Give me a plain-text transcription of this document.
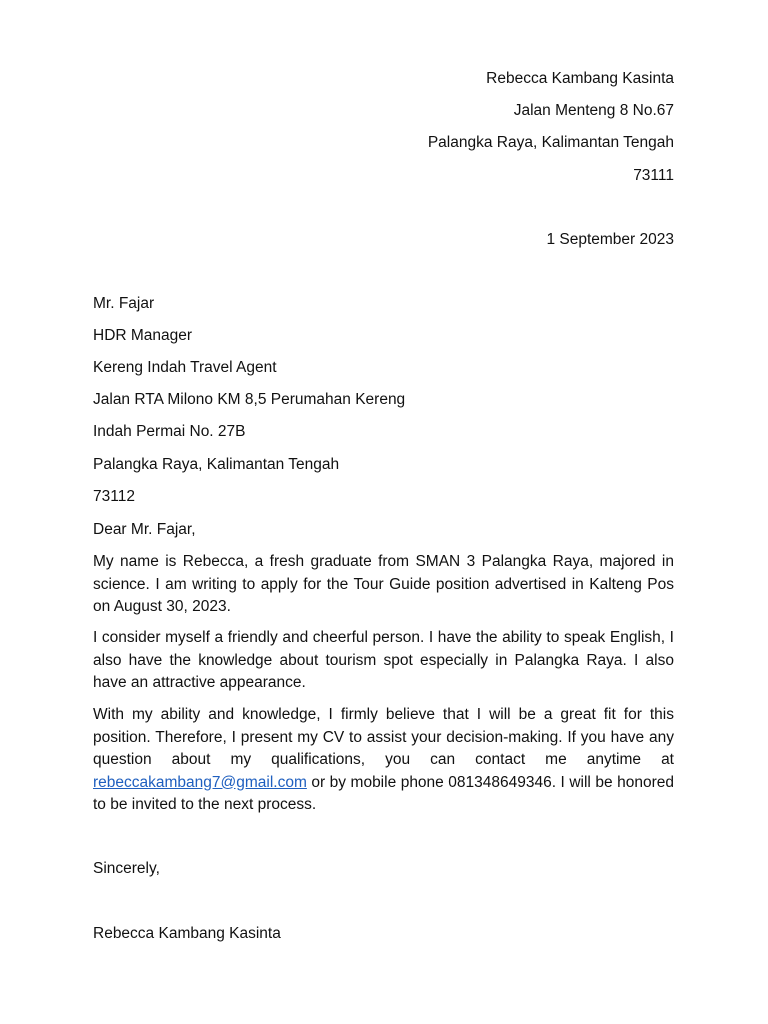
Rebecca Kambang Kasinta
Jalan Menteng 8 No.67
Palangka Raya, Kalimantan Tengah
73111
1 September 2023
Mr. Fajar
HDR Manager
Kereng Indah Travel Agent
Jalan RTA Milono KM 8,5 Perumahan Kereng
Indah Permai No. 27B
Palangka Raya, Kalimantan Tengah
73112
Dear Mr. Fajar,
My name is Rebecca, a fresh graduate from SMAN 3 Palangka Raya, majored in science. I am writing to apply for the Tour Guide position advertised in Kalteng Pos on August 30, 2023.
I consider myself a friendly and cheerful person. I have the ability to speak English, I also have the knowledge about tourism spot especially in Palangka Raya. I also have an attractive appearance.
With my ability and knowledge, I firmly believe that I will be a great fit for this position. Therefore, I present my CV to assist your decision-making. If you have any question about my qualifications, you can contact me anytime at rebeccakambang7@gmail.com or by mobile phone 081348649346. I will be honored to be invited to the next process.
Sincerely,
Rebecca Kambang Kasinta
